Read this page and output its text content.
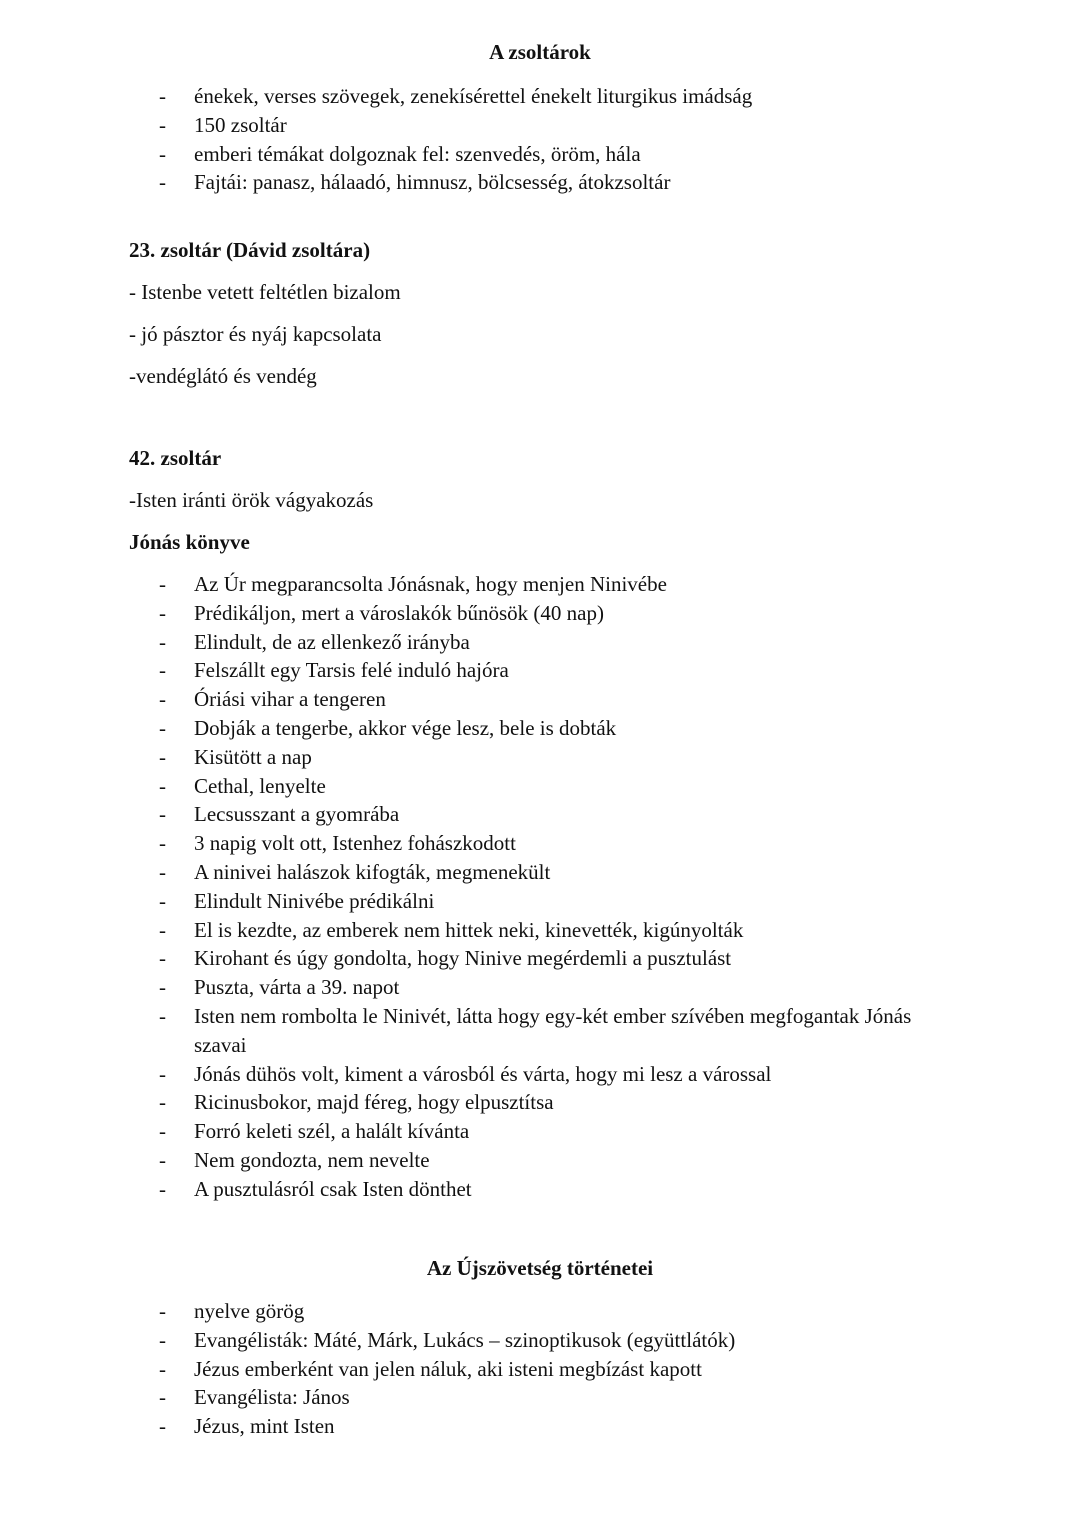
A zsoltárok
- énekek, verses szövegek, zenekísérettel énekelt liturgikus imádság
- 150 zsoltár
- emberi témákat dolgoznak fel: szenvedés, öröm, hála
- Fajtái: panasz, hálaadó, himnusz, bölcsesség, átokzsoltár
23. zsoltár (Dávid zsoltára)
- Istenbe vetett feltétlen bizalom
- jó pásztor és nyáj kapcsolata
-vendéglátó és vendég
42. zsoltár
-Isten iránti örök vágyakozás
Jónás könyve
- Az Úr megparancsolta Jónásnak, hogy menjen Ninivébe
- Prédikáljon, mert a városlakók bűnösök (40 nap)
- Elindult, de az ellenkező irányba
- Felszállt egy Tarsis felé induló hajóra
- Óriási vihar a tengeren
- Dobják a tengerbe, akkor vége lesz, bele is dobták
- Kisütött a nap
- Cethal, lenyelte
- Lecsusszant a gyomrába
- 3 napig volt ott, Istenhez fohászkodott
- A ninivei halászok kifogták, megmenekült
- Elindult Ninivébe prédikálni
- El is kezdte, az emberek nem hittek neki, kinevették, kigúnyolták
- Kirohant és úgy gondolta, hogy Ninive megérdemli a pusztulást
- Puszta, várta a 39. napot
- Isten nem rombolta le Ninivét, látta hogy egy-két ember szívében megfogantak Jónás szavai
- Jónás dühös volt, kiment a városból és várta, hogy mi lesz a várossal
- Ricinusbokor, majd féreg, hogy elpusztítsa
- Forró keleti szél, a halált kívánta
- Nem gondozta, nem nevelte
- A pusztulásról csak Isten dönthet
Az Újszövetség történetei
- nyelve görög
- Evangélisták: Máté, Márk, Lukács – szinoptikusok (együttlátók)
- Jézus emberként van jelen náluk, aki isteni megbízást kapott
- Evangélista: János
- Jézus, mint Isten
